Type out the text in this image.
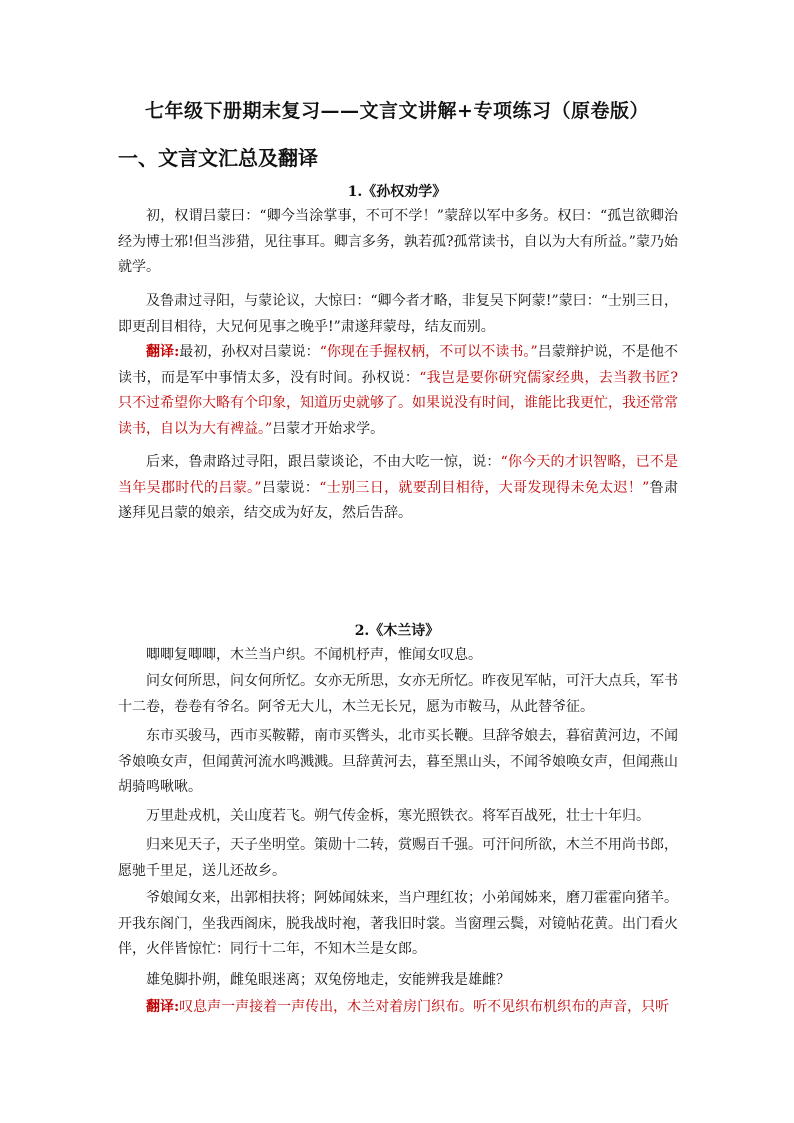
七年级下册期末复习——文言文讲解+专项练习（原卷版）
一、文言文汇总及翻译
1.《孙权劝学》

初，权谓吕蒙曰：“卿今当涂掌事，不可不学！”蒙辞以军中多务。权曰：“孤岂欲卿治经为博士邪!但当涉猎，见往事耳。卿言多务，孰若孤?孤常读书，自以为大有所益。”蒙乃始就学。

及鲁肃过寻阳，与蒙论议，大惊曰：“卿今者才略，非复吴下阿蒙!”蒙曰：“士别三日，即更刮目相待，大兄何见事之晚乎!”肃遂拜蒙母，结友而别。

翻译:最初，孙权对吕蒙说：“你现在手握权柄，不可以不读书。”吕蒙辩护说，不是他不读书，而是军中事情太多，没有时间。孙权说：“我岂是要你研究儒家经典，去当教书匠? 只不过希望你大略有个印象，知道历史就够了。如果说没有时间，谁能比我更忙，我还常常读书，自以为大有裨益。”吕蒙才开始求学。

后来，鲁肃路过寻阳，跟吕蒙谈论，不由大吃一惊，说：“你今天的才识智略，已不是当年吴郡时代的吕蒙。”吕蒙说：“士别三日，就要刮目相待，大哥发现得未免太迟！”鲁肃遂拜见吕蒙的娘亲，结交成为好友，然后告辞。

2.《木兰诗》

唧唧复唧唧，木兰当户织。不闻机杼声，惟闻女叹息。

问女何所思，问女何所忆。女亦无所思，女亦无所忆。昨夜见军帖，可汗大点兵，军书十二卷，卷卷有爷名。阿爷无大儿，木兰无长兄，愿为市鞍马，从此替爷征。

东市买骏马，西市买鞍鞯，南市买辔头，北市买长鞭。旦辞爷娘去，暮宿黄河边，不闻爷娘唤女声，但闻黄河流水鸣溅溅。旦辞黄河去，暮至黑山头，不闻爷娘唤女声，但闻燕山胡骑鸣啾啾。

万里赴戎机，关山度若飞。朔气传金柝，寒光照铁衣。将军百战死，壮士十年归。

归来见天子，天子坐明堂。策勋十二转，赏赐百千强。可汗问所欲，木兰不用尚书郎，愿驰千里足，送儿还故乡。

爷娘闻女来，出郭相扶将；阿姊闻妹来，当户理红妆；小弟闻姊来，磨刀霍霍向猪羊。开我东阁门，坐我西阁床，脱我战时袍，著我旧时裳。当窗理云鬓，对镜帖花黄。出门看火伴，火伴皆惊忙：同行十二年，不知木兰是女郎。

雄兔脚扑朔，雌兔眼迷离；双兔傍地走，安能辨我是雄雌？

翻译:叹息声一声接着一声传出，木兰对着房门织布。听不见织布机织布的声音，只听
